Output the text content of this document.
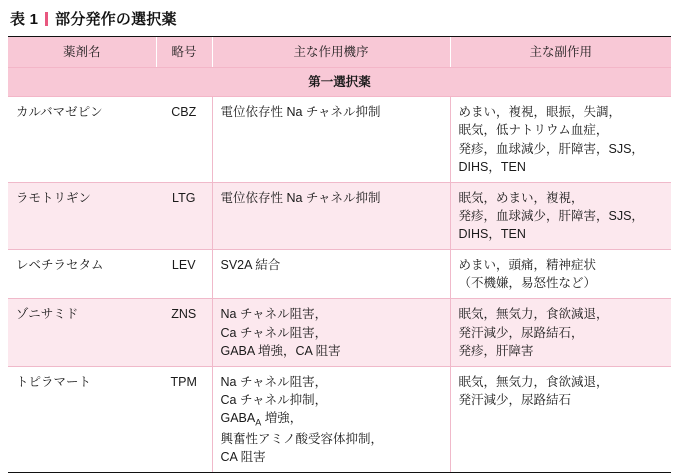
表 1 部分発作の選択薬
薬剤名	略号	主な作用機序	主な副作用
第一選択薬			
カルバマゼピン	CBZ	電位依存性 Na チャネル抑制	めまい，複視，眼振，失調，
眠気，低ナトリウム血症，
発疹，血球減少，肝障害，SJS，
DIHS，TEN
ラモトリギン	LTG	電位依存性 Na チャネル抑制	眠気，めまい，複視，
発疹，血球減少，肝障害，SJS，
DIHS，TEN
レベチラセタム	LEV	SV2A 結合	めまい，頭痛，精神症状
（不機嫌，易怒性など）
ゾニサミド	ZNS	Na チャネル阻害，
Ca チャネル阻害，
GABA 増強，CA 阻害	眠気，無気力，食欲減退，
発汗減少，尿路結石，
発疹，肝障害
トピラマート	TPM	Na チャネル阻害，
Ca チャネル抑制，
$GABA_A$ 増強，
興奮性アミノ酸受容体抑制，
CA 阻害	眠気，無気力，食欲減退，
発汗減少，尿路結石
